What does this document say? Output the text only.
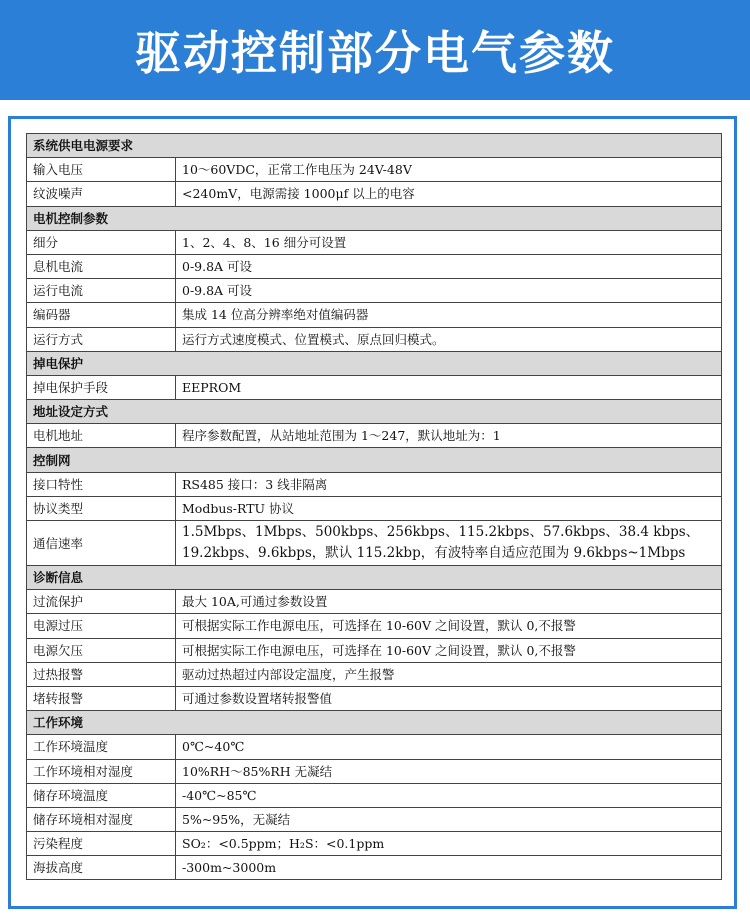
驱动控制部分电气参数
系统供电电源要求	
输入电压	10～60VDC，正常工作电压为 24V-48V
纹波噪声	<240mV，电源需接 1000μf 以上的电容
电机控制参数	
细分	1、2、4、8、16 细分可设置
息机电流	0-9.8A 可设
运行电流	0-9.8A 可设
编码器	集成 14 位高分辨率绝对值编码器
运行方式	运行方式速度模式、位置模式、原点回归模式。
掉电保护	
掉电保护手段	EEPROM
地址设定方式	
电机地址	程序参数配置，从站地址范围为 1～247，默认地址为：1
控制网	
接口特性	RS485 接口：3 线非隔离
协议类型	Modbus-RTU 协议
通信速率	1.5Mbps、1Mbps、500kbps、256kbps、115.2kbps、57.6kbps、38.4 kbps、19.2kbps、9.6kbps，默认 115.2kbp，有波特率自适应范围为 9.6kbps~1Mbps
诊断信息	
过流保护	最大 10A,可通过参数设置
电源过压	可根据实际工作电源电压，可选择在 10-60V 之间设置，默认 0,不报警
电源欠压	可根据实际工作电源电压，可选择在 10-60V 之间设置，默认 0,不报警
过热报警	驱动过热超过内部设定温度，产生报警
堵转报警	可通过参数设置堵转报警值
工作环境	
工作环境温度	0℃~40℃
工作环境相对湿度	10%RH～85%RH 无凝结
储存环境温度	-40℃~85℃
储存环境相对湿度	5%~95%，无凝结
污染程度	SO₂：<0.5ppm；H₂S：<0.1ppm
海拔高度	-300m~3000m
